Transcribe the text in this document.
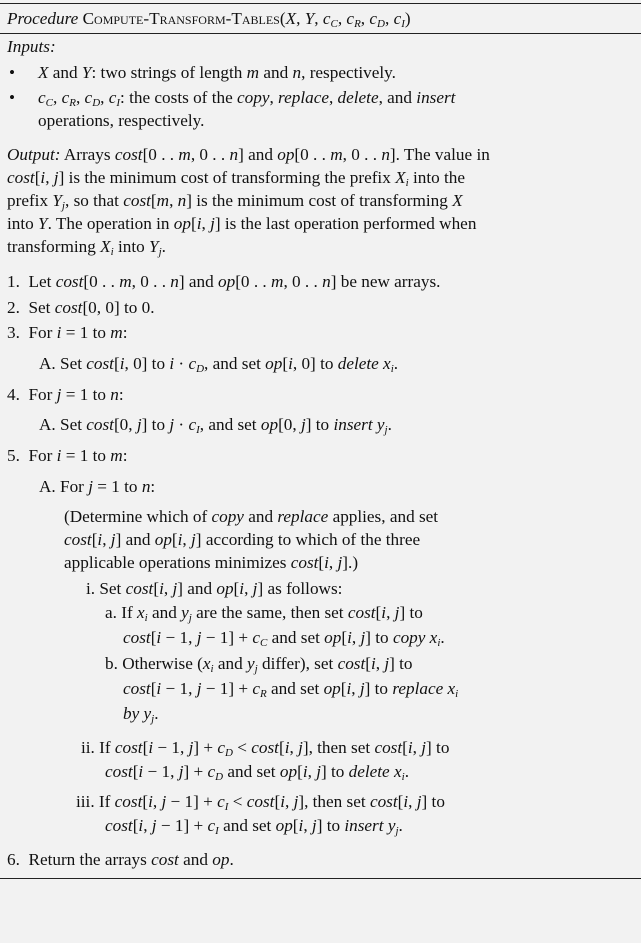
Procedure Compute-Transform-Tables(X, Y, $c_C$, $c_R$, $c_D$, $c_I$)
Inputs:
• X and Y: two strings of length m and n, respectively.
• $c_C$, $c_R$, $c_D$, $c_I$: the costs of the copy, replace, delete, and insert
operations, respectively.
Output: Arrays cost[0 . . m, 0 . . n] and op[0 . . m, 0 . . n]. The value in
cost[i, j] is the minimum cost of transforming the prefix $X_i$ into the
prefix $Y_j$, so that cost[m, n] is the minimum cost of transforming X
into Y. The operation in op[i, j] is the last operation performed when
transforming $X_i$ into $Y_j$.
1.  Let cost[0 . . m, 0 . . n] and op[0 . . m, 0 . . n] be new arrays.
2.  Set cost[0, 0] to 0.
3.  For i = 1 to m:
A. Set cost[i, 0] to $i \cdot c_D$, and set op[i, 0] to delete $x_i$.
4.  For j = 1 to n:
A. Set cost[0, j] to $j \cdot c_I$, and set op[0, j] to insert $y_j$.
5.  For i = 1 to m:
A. For j = 1 to n:
(Determine which of copy and replace applies, and set
cost[i, j] and op[i, j] according to which of the three
applicable operations minimizes cost[i, j].)
i. Set cost[i, j] and op[i, j] as follows:
a. If $x_i$ and $y_j$ are the same, then set cost[i, j] to
cost[i − 1, $j - 1] + c_C$ and set op[i, j] to copy $x_i$.
b. Otherwise ($x_i$ and $y_j$ differ), set cost[i, j] to
cost[i − 1, $j - 1] + c_R$ and set op[i, j] to replace $x_i$
by $y_j$.
ii. If cost[i − 1, $j] + c_D < \cos t[i$, j], then set cost[i, j] to
cost[i − 1, $j] + c_D$ and set op[i, j] to delete $x_i$.
iii. If cost[i, $j - 1] + c_I < \cos t[i$, j], then set cost[i, j] to
cost[i, $j - 1] + c_I$ and set op[i, j] to insert $y_j$.
6.  Return the arrays cost and op.
